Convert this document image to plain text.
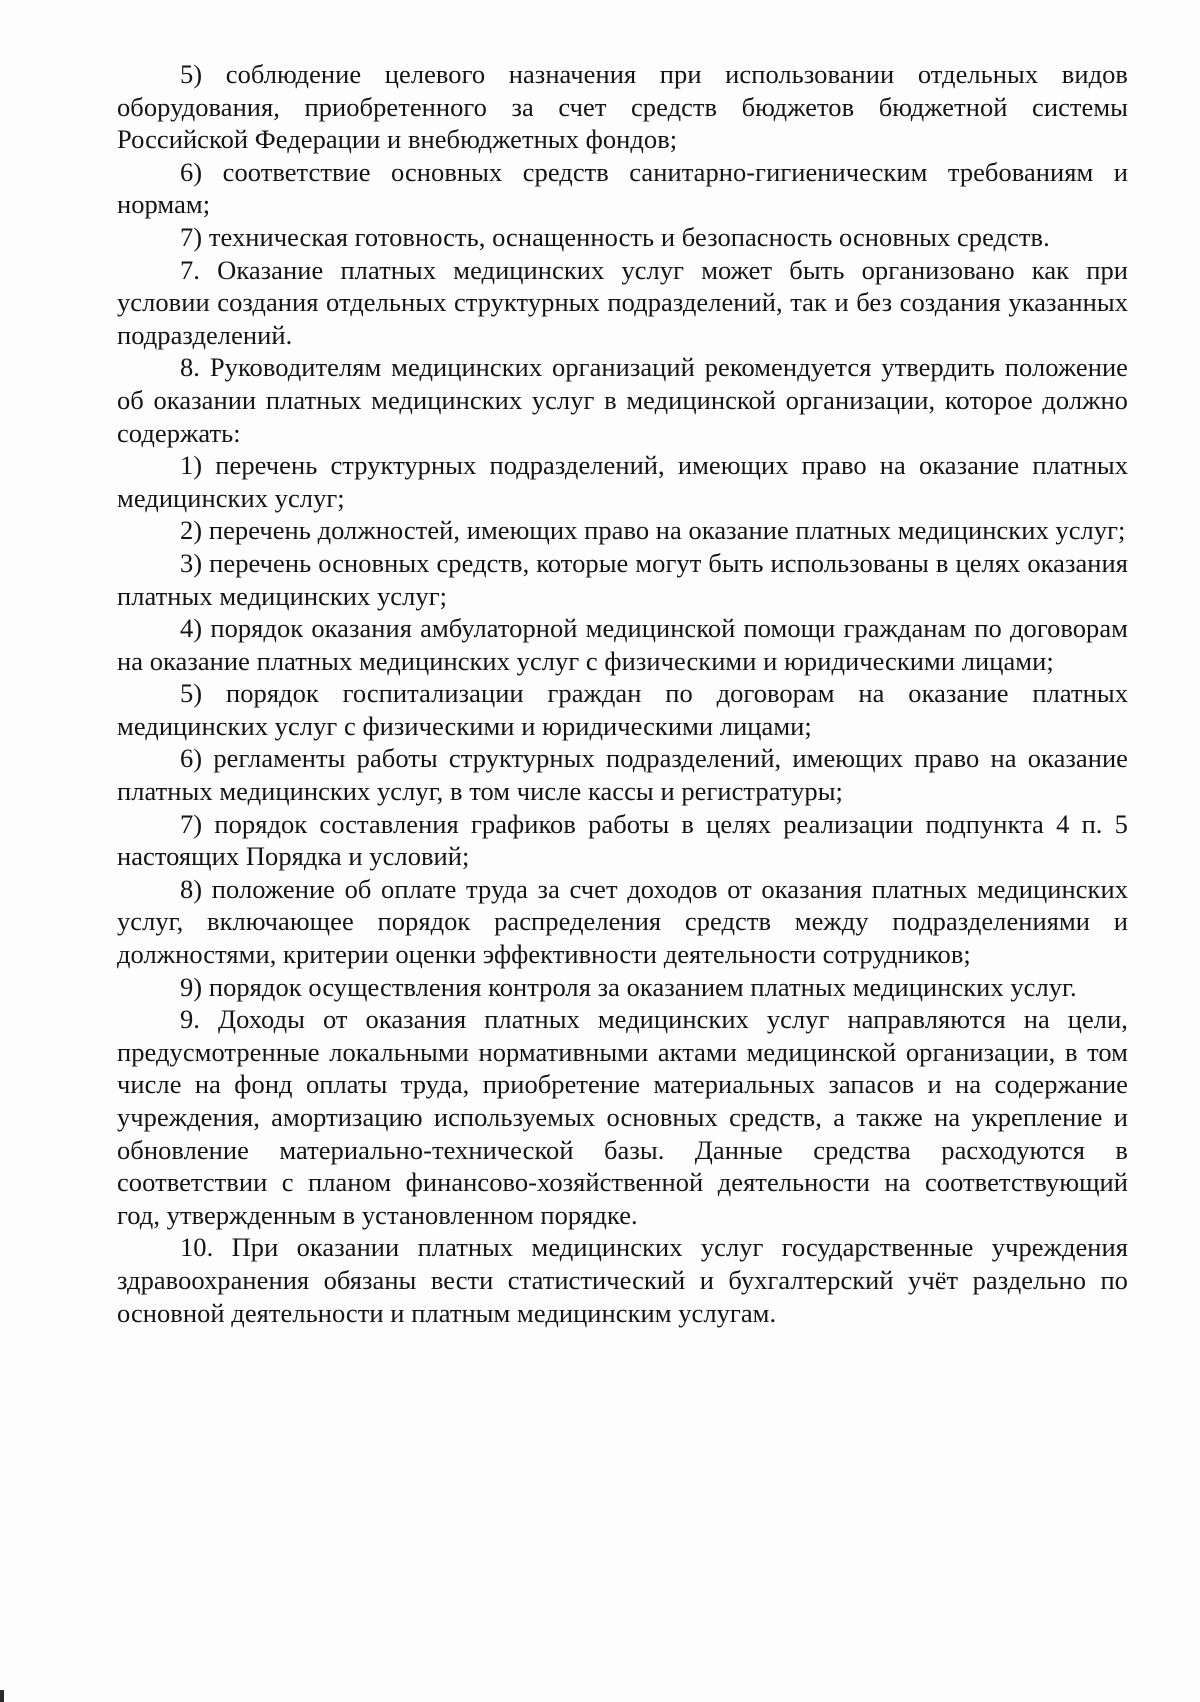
5) соблюдение целевого назначения при использовании отдельных видов оборудования, приобретенного за счет средств бюджетов бюджетной системы Российской Федерации и внебюджетных фондов;

6) соответствие основных средств санитарно-гигиеническим требованиям и нормам;

7) техническая готовность, оснащенность и безопасность основных средств.

7. Оказание платных медицинских услуг может быть организовано как при условии создания отдельных структурных подразделений, так и без создания указанных подразделений.

8. Руководителям медицинских организаций рекомендуется утвердить положение об оказании платных медицинских услуг в медицинской организации, которое должно содержать:

1) перечень структурных подразделений, имеющих право на оказание платных медицинских услуг;

2) перечень должностей, имеющих право на оказание платных медицинских услуг;

3) перечень основных средств, которые могут быть использованы в целях оказания платных медицинских услуг;

4) порядок оказания амбулаторной медицинской помощи гражданам по договорам на оказание платных медицинских услуг с физическими и юридическими лицами;

5) порядок госпитализации граждан по договорам на оказание платных медицинских услуг с физическими и юридическими лицами;

6) регламенты работы структурных подразделений, имеющих право на оказание платных медицинских услуг, в том числе кассы и регистратуры;

7) порядок составления графиков работы в целях реализации подпункта 4 п. 5 настоящих Порядка и условий;

8) положение об оплате труда за счет доходов от оказания платных медицинских услуг, включающее порядок распределения средств между подразделениями и должностями, критерии оценки эффективности деятельности сотрудников;

9) порядок осуществления контроля за оказанием платных медицинских услуг.

9. Доходы от оказания платных медицинских услуг направляются на цели, предусмотренные локальными нормативными актами медицинской организации, в том числе на фонд оплаты труда, приобретение материальных запасов и на содержание учреждения, амортизацию используемых основных средств, а также на укрепление и обновление материально-технической базы. Данные средства расходуются в соответствии с планом финансово-хозяйственной деятельности на соответствующий год, утвержденным в установленном порядке.

10. При оказании платных медицинских услуг государственные учреждения здравоохранения обязаны вести статистический и бухгалтерский учёт раздельно по основной деятельности и платным медицинским услугам.
